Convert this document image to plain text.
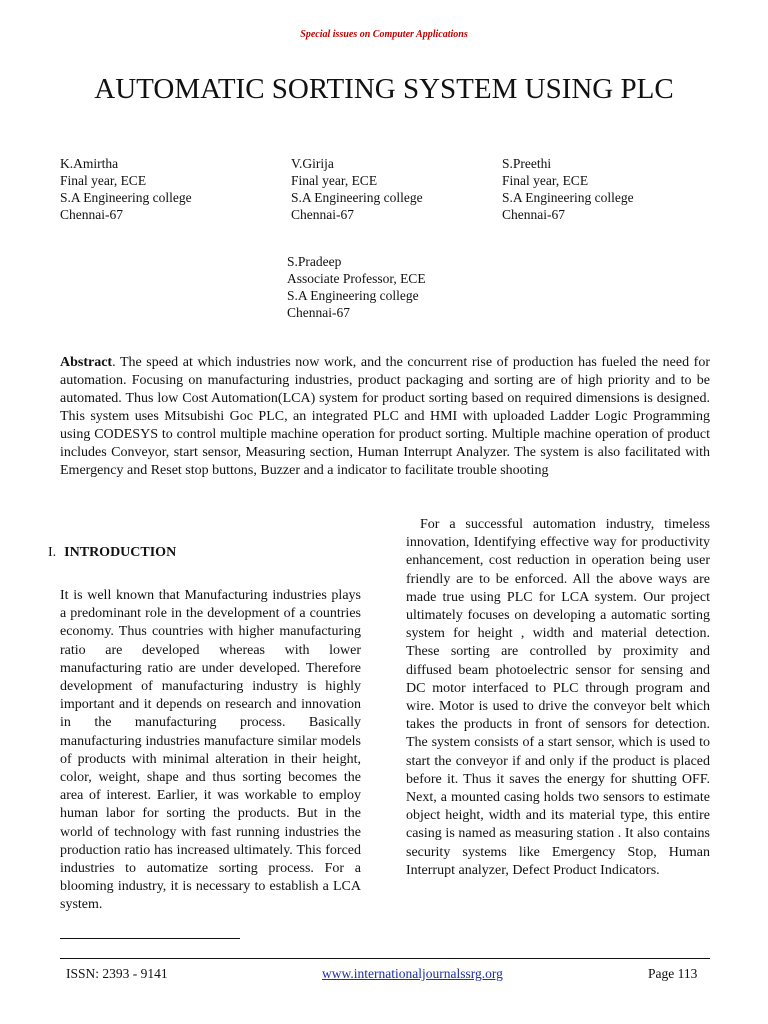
Special issues on Computer Applications
AUTOMATIC SORTING SYSTEM USING PLC
K.Amirtha
Final year, ECE
S.A Engineering college
Chennai-67
V.Girija
Final year, ECE
S.A Engineering college
Chennai-67
S.Preethi
Final year, ECE
S.A Engineering college
Chennai-67
S.Pradeep
Associate Professor, ECE
S.A Engineering college
Chennai-67
Abstract. The speed at which industries now work, and the concurrent rise of production has fueled the need for automation. Focusing on manufacturing industries, product packaging and sorting are of high priority and to be automated. Thus low Cost Automation(LCA) system for product sorting based on required dimensions is designed. This system uses Mitsubishi Goc PLC, an integrated PLC and HMI with uploaded Ladder Logic Programming using CODESYS to control multiple machine operation for product sorting. Multiple machine operation of product includes Conveyor, start sensor, Measuring section, Human Interrupt Analyzer. The system is also facilitated with Emergency and Reset stop buttons, Buzzer and a indicator to facilitate trouble shooting
I. INTRODUCTION

It is well known that Manufacturing industries plays a predominant role in the development of a countries economy. Thus countries with higher manufacturing ratio are developed whereas with lower manufacturing ratio are under developed. Therefore development of manufacturing industry is highly important and it depends on research and innovation in the manufacturing process. Basically manufacturing industries manufacture similar models of products with minimal alteration in their height, color, weight, shape and thus sorting becomes the area of interest. Earlier, it was workable to employ human labor for sorting the products. But in the world of technology with fast running industries the production ratio has increased ultimately. This forced industries to automatize sorting process. For a blooming industry, it is necessary to establish a LCA system.

For a successful automation industry, timeless innovation, Identifying effective way for productivity enhancement, cost reduction in operation being user friendly are to be enforced. All the above ways are made true using PLC for LCA system. Our project ultimately focuses on developing a automatic sorting system for height , width and material detection. These sorting are controlled by proximity and diffused beam photoelectric sensor for sensing and DC motor interfaced to PLC through program and wire. Motor is used to drive the conveyor belt which takes the products in front of sensors for detection. The system consists of a start sensor, which is used to start the conveyor if and only if the product is placed before it. Thus it saves the energy for shutting OFF. Next, a mounted casing holds two sensors to estimate object height, width and its material type, this entire casing is named as measuring station . It also contains security systems like Emergency Stop, Human Interrupt analyzer, Defect Product Indicators.

ISSN: 2393 - 9141	www.internationaljournalssrg.org	Page 113
